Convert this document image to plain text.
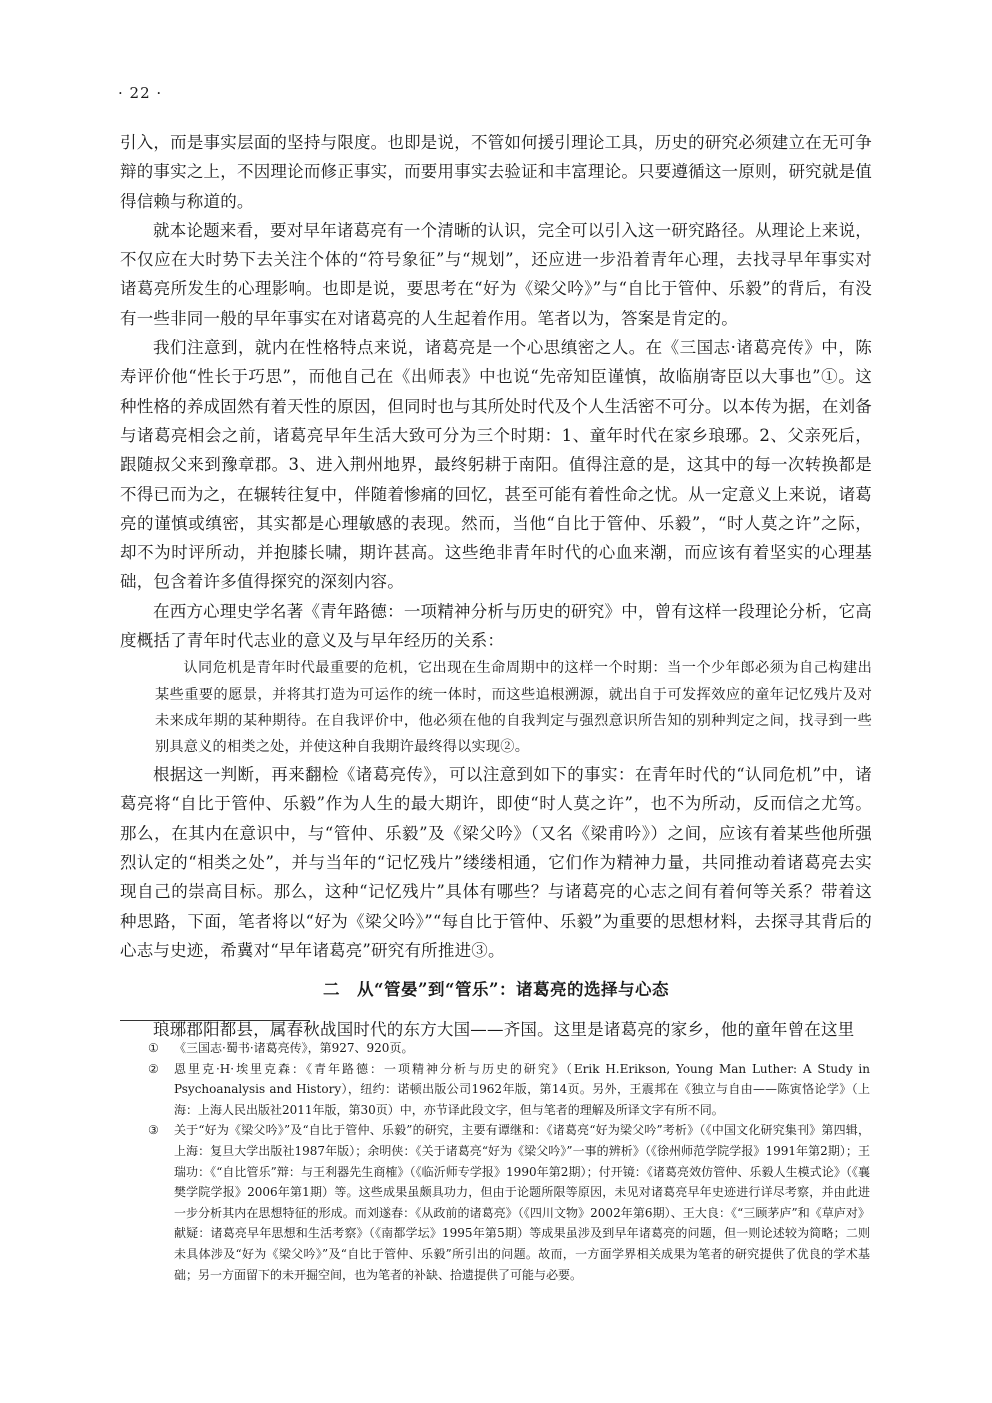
· 22 ·

引入，而是事实层面的坚持与限度。也即是说，不管如何援引理论工具，历史的研究必须建立在无可争辩的事实之上，不因理论而修正事实，而要用事实去验证和丰富理论。只要遵循这一原则，研究就是值得信赖与称道的。

就本论题来看，要对早年诸葛亮有一个清晰的认识，完全可以引入这一研究路径。从理论上来说，不仅应在大时势下去关注个体的“符号象征”与“规划”，还应进一步沿着青年心理，去找寻早年事实对诸葛亮所发生的心理影响。也即是说，要思考在“好为《梁父吟》”与“自比于管仲、乐毅”的背后，有没有一些非同一般的早年事实在对诸葛亮的人生起着作用。笔者以为，答案是肯定的。

我们注意到，就内在性格特点来说，诸葛亮是一个心思缜密之人。在《三国志·诸葛亮传》中，陈寿评价他“性长于巧思”，而他自己在《出师表》中也说“先帝知臣谨慎，故临崩寄臣以大事也”①。这种性格的养成固然有着天性的原因，但同时也与其所处时代及个人生活密不可分。以本传为据，在刘备与诸葛亮相会之前，诸葛亮早年生活大致可分为三个时期：1、童年时代在家乡琅琊。2、父亲死后，跟随叔父来到豫章郡。3、进入荆州地界，最终躬耕于南阳。值得注意的是，这其中的每一次转换都是不得已而为之，在辗转往复中，伴随着惨痛的回忆，甚至可能有着性命之忧。从一定意义上来说，诸葛亮的谨慎或缜密，其实都是心理敏感的表现。然而，当他“自比于管仲、乐毅”，“时人莫之许”之际，却不为时评所动，并抱膝长啸，期许甚高。这些绝非青年时代的心血来潮，而应该有着坚实的心理基础，包含着许多值得探究的深刻内容。

在西方心理史学名著《青年路德：一项精神分析与历史的研究》中，曾有这样一段理论分析，它高度概括了青年时代志业的意义及与早年经历的关系：

认同危机是青年时代最重要的危机，它出现在生命周期中的这样一个时期：当一个少年郎必须为自己构建出某些重要的愿景，并将其打造为可运作的统一体时，而这些追根溯源，就出自于可发挥效应的童年记忆残片及对未来成年期的某种期待。在自我评价中，他必须在他的自我判定与强烈意识所告知的别种判定之间，找寻到一些别具意义的相类之处，并使这种自我期许最终得以实现②。

根据这一判断，再来翻检《诸葛亮传》，可以注意到如下的事实：在青年时代的“认同危机”中，诸葛亮将“自比于管仲、乐毅”作为人生的最大期许，即使“时人莫之许”，也不为所动，反而信之尤笃。那么，在其内在意识中，与“管仲、乐毅”及《梁父吟》（又名《梁甫吟》）之间，应该有着某些他所强烈认定的“相类之处”，并与当年的“记忆残片”缕缕相通，它们作为精神力量，共同推动着诸葛亮去实现自己的崇高目标。那么，这种“记忆残片”具体有哪些？与诸葛亮的心志之间有着何等关系？带着这种思路，下面，笔者将以“好为《梁父吟》”“每自比于管仲、乐毅”为重要的思想材料，去探寻其背后的心志与史迹，希冀对“早年诸葛亮”研究有所推进③。

二　从“管晏”到“管乐”：诸葛亮的选择与心态

琅琊郡阳都县，属春秋战国时代的东方大国——齐国。这里是诸葛亮的家乡，他的童年曾在这里

① 《三国志·蜀书·诸葛亮传》，第927、920页。

② 恩里克·H·埃里克森：《青年路德：一项精神分析与历史的研究》（Erik H.Erikson, Young Man Luther: A Study in Psychoanalysis and History），纽约：诺顿出版公司1962年版，第14页。另外，王震邦在《独立与自由——陈寅恪论学》（上海：上海人民出版社2011年版，第30页）中，亦节译此段文字，但与笔者的理解及所译文字有所不同。

③ 关于“好为《梁父吟》”及“自比于管仲、乐毅”的研究，主要有谭继和：《诸葛亮“好为梁父吟”考析》（《中国文化研究集刊》第四辑，上海：复旦大学出版社1987年版）；余明侠：《关于诸葛亮“好为《梁父吟》”一事的辨析》（《徐州师范学院学报》1991年第2期）；王瑞功：《“自比管乐”辩：与王利器先生商榷》（《临沂师专学报》1990年第2期）；付开镜：《诸葛亮效仿管仲、乐毅人生模式论》（《襄樊学院学报》2006年第1期）等。这些成果虽颇具功力，但由于论题所限等原因，未见对诸葛亮早年史迹进行详尽考察，并由此进一步分析其内在思想特征的形成。而刘遂春：《从政前的诸葛亮》（《四川文物》2002年第6期）、王大良：《“三顾茅庐”和《草庐对》献疑：诸葛亮早年思想和生活考察》（《南都学坛》1995年第5期）等成果虽涉及到早年诸葛亮的问题，但一则论述较为简略；二则未具体涉及“好为《梁父吟》”及“自比于管仲、乐毅”所引出的问题。故而，一方面学界相关成果为笔者的研究提供了优良的学术基础；另一方面留下的未开掘空间，也为笔者的补缺、拾遗提供了可能与必要。
